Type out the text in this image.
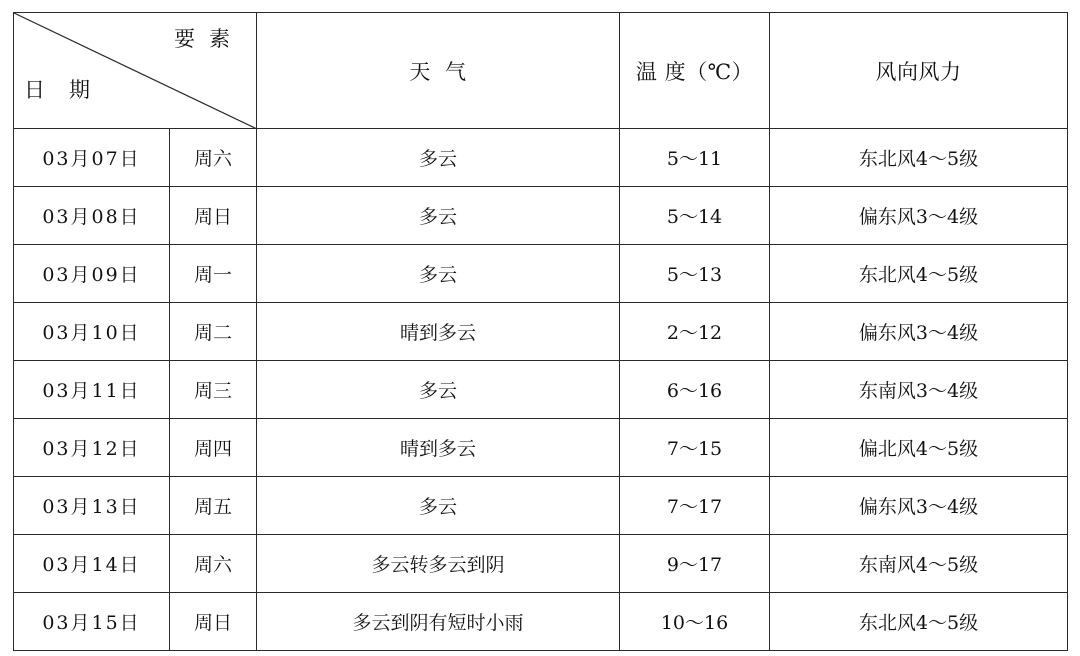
要素
日期		天  气	温 度（℃）	风向风力
03月07日	周六	多云	5～11	东北风4～5级
03月08日	周日	多云	5～14	偏东风3～4级
03月09日	周一	多云	5～13	东北风4～5级
03月10日	周二	晴到多云	2～12	偏东风3～4级
03月11日	周三	多云	6～16	东南风3～4级
03月12日	周四	晴到多云	7～15	偏北风4～5级
03月13日	周五	多云	7～17	偏东风3～4级
03月14日	周六	多云转多云到阴	9～17	东南风4～5级
03月15日	周日	多云到阴有短时小雨	10～16	东北风4～5级
